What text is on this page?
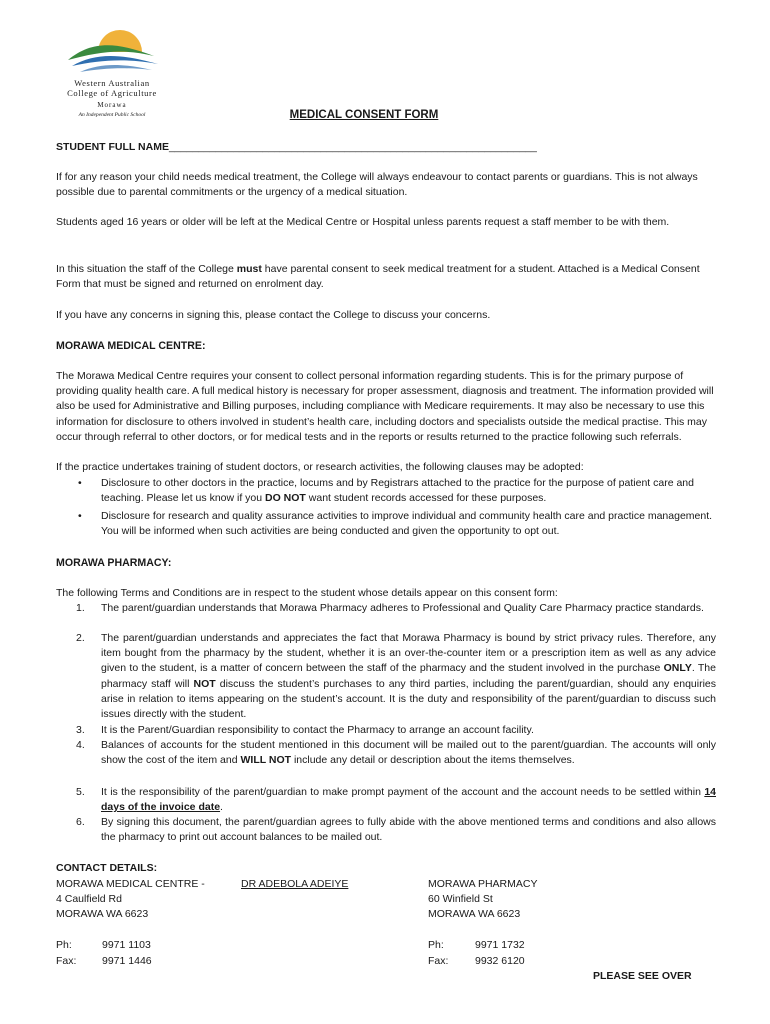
Western Australian
College of Agriculture
Morawa
An Independent Public School	MEDICAL CONSENT FORM
STUDENT FULL NAME_______________________________________________________________
If for any reason your child needs medical treatment, the College will always endeavour to contact parents or guardians. This is not always possible due to parental commitments or the urgency of a medical situation.
Students aged 16 years or older will be left at the Medical Centre or Hospital unless parents request a staff member to be with them.
In this situation the staff of the College must have parental consent to seek medical treatment for a student. Attached is a Medical Consent Form that must be signed and returned on enrolment day.
If you have any concerns in signing this, please contact the College to discuss your concerns.
MORAWA MEDICAL CENTRE:
The Morawa Medical Centre requires your consent to collect personal information regarding students. This is for the primary purpose of providing quality health care. A full medical history is necessary for proper assessment, diagnosis and treatment. The information provided will also be used for Administrative and Billing purposes, including compliance with Medicare requirements. It may also be necessary to use this information for disclosure to others involved in student’s health care, including doctors and specialists outside the medical practise. This may occur through referral to other doctors, or for medical tests and in the reports or results returned to the practice following such referrals.
If the practice undertakes training of student doctors, or research activities, the following clauses may be adopted:
• Disclosure to other doctors in the practice, locums and by Registrars attached to the practice for the purpose of patient care and teaching. Please let us know if you DO NOT want student records accessed for these purposes.
• Disclosure for research and quality assurance activities to improve individual and community health care and practice management. You will be informed when such activities are being conducted and given the opportunity to opt out.
MORAWA PHARMACY:
The following Terms and Conditions are in respect to the student whose details appear on this consent form:
1. The parent/guardian understands that Morawa Pharmacy adheres to Professional and Quality Care Pharmacy practice standards.
2. The parent/guardian understands and appreciates the fact that Morawa Pharmacy is bound by strict privacy rules. Therefore, any item bought from the pharmacy by the student, whether it is an over-the-counter item or a prescription item as well as any advice given to the student, is a matter of concern between the staff of the pharmacy and the student involved in the purchase ONLY. The pharmacy staff will NOT discuss the student’s purchases to any third parties, including the parent/guardian, should any enquiries arise in relation to items appearing on the student’s account. It is the duty and responsibility of the parent/guardian to discuss such issues directly with the student.
3. It is the Parent/Guardian responsibility to contact the Pharmacy to arrange an account facility.
4. Balances of accounts for the student mentioned in this document will be mailed out to the parent/guardian. The accounts will only show the cost of the item and WILL NOT include any detail or description about the items themselves.
5. It is the responsibility of the parent/guardian to make prompt payment of the account and the account needs to be settled within 14 days of the invoice date.
6. By signing this document, the parent/guardian agrees to fully abide with the above mentioned terms and conditions and also allows the pharmacy to print out account balances to be mailed out.
CONTACT DETAILS:
MORAWA MEDICAL CENTRE -	DR ADEBOLA ADEIYE
4 Caulfield Rd
MORAWA WA 6623
Ph:	9971 1103
Fax: 9971 1446
MORAWA PHARMACY
60 Winfield St
MORAWA WA 6623
Ph:	9971 1732
Fax:	9932 6120
PLEASE SEE OVER
